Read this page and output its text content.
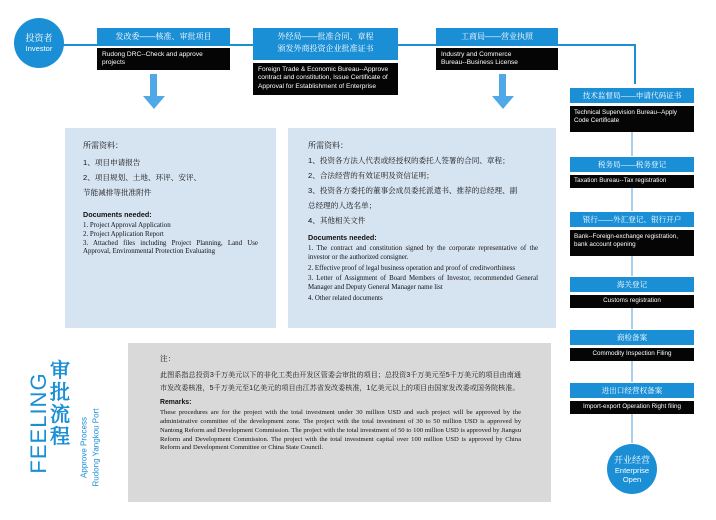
投资者
Investor
发改委——核准、审批项目
Rudong DRC--Check and approve projects
外经局——批准合同、章程
颁发外商投资企业批准证书
Foreign Trade & Economic Bureau--Approve contract and constitution, Issue Certificate of Approval for Establishment of Enterprise
工商局——营业执照
Industry and Commerce
Bureau--Business License
所需资料：
1、项目申请报告
2、项目规划、土地、环评、安评、
节能减排等批准附件
Documents needed:
1. Project Approval Application
2. Project Application Report
3. Attached files including Project Planning, Land Use Approval, Environmental Protection Evaluating
所需资料：
1、投资各方法人代表或经授权的委托人签署的合同、章程；
2、合法经营的有效证明及资信证明；
3、投资各方委托的董事会成员委托派遣书、推荐的总经理、副
总经理的人选名单；
4、其他相关文件
Documents needed:
1. The contract and constitution signed by the corporate representative of the investor or the authorized consigner.
2. Effective proof of legal business operation and proof of creditworthiness
3. Letter of Assignment of Board Members of Investor, recommended General Manager and Deputy General Manager name list
4. Other related documents
FEELING
审批流程	Approve Process Rudong Yangkou Port
注：
此图系指总投资3千万美元以下的非化工类由开发区管委会审批的项目；总投资3千万美元至5千万美元的项目由南通市发改委核准，5千万美元至1亿美元的项目由江苏省发改委核准，1亿美元以上的项目由国家发改委或国务院核准。
Remarks:
These procedures are for the project with the total investment under 30 million USD and such project will be approved by the administrative committee of the development zone. The project with the total investment of 30 to 50 million USD is approved by Nantong Reform and Development Commission. The project with the total investment of 50 to 100 million USD is approved by Jiangsu Reform and Development Commission. The project with the total investment capital over 100 million USD is approved by China Reform and Development Committee or China State Council.
技术监督局——申请代码证书
Technical Supervision Bureau--Apply Code Certificate
税务局——税务登记
Taxation Bureau--Tax registration
银行——外汇登记、银行开户
Bank--Foreign-exchange registration, bank account opening
海关登记
Customs registration
商检备案
Commodity Inspection Filing
进出口经营权备案
Import-export Operation Right filing
开业经营
Enterprise
Open
